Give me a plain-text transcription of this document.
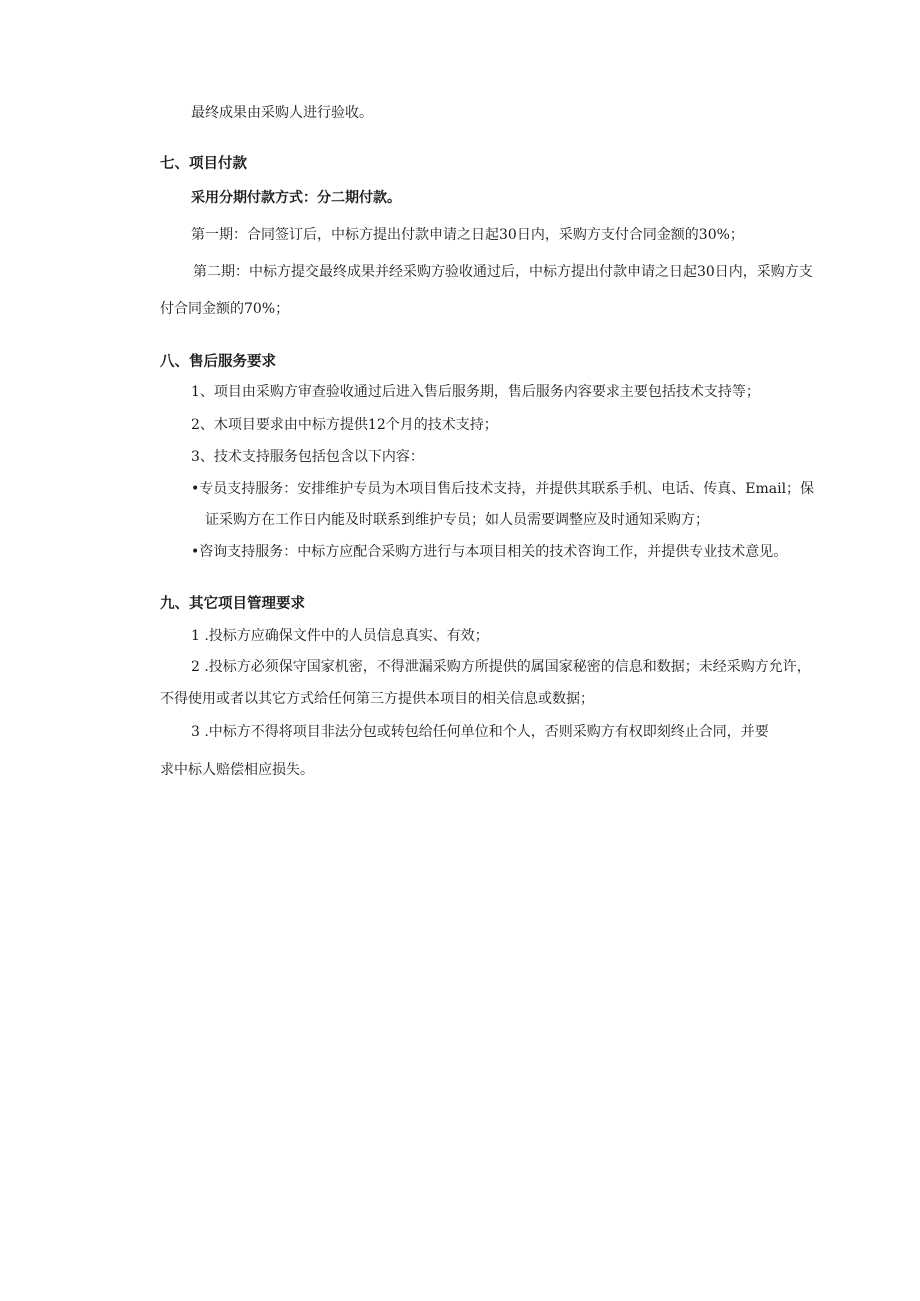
最终成果由采购人进行验收。

七、项目付款

采用分期付款方式：分二期付款。

第一期：合同签订后，中标方提出付款申请之日起30日内，采购方支付合同金额的30%；

第二期：中标方提交最终成果并经采购方验收通过后，中标方提出付款申请之日起30日内，采购方支

付合同金额的70%；

八、售后服务要求

1、项目由采购方审查验收通过后进入售后服务期，售后服务内容要求主要包括技术支持等；

2、木项目要求由中标方提供12个月的技术支持；

3、技术支持服务包括包含以下内容：

•专员支持服务：安排维护专员为木项目售后技术支持，并提供其联系手机、电话、传真、Email；保

证采购方在工作日内能及时联系到维护专员；如人员需要调整应及时通知采购方；

•咨询支持服务：中标方应配合采购方进行与本项目相关的技术咨询工作，并提供专业技术意见。

九、其它项目管理要求

1 .投标方应确保文件中的人员信息真实、有效；

2 .投标方必须保守国家机密，不得泄漏采购方所提供的属国家秘密的信息和数据；未经采购方允许，

不得使用或者以其它方式给任何第三方提供本项目的相关信息或数据；

3 .中标方不得将项目非法分包或转包给任何单位和个人，否则采购方有权即刻终止合同，并要

求中标人赔偿相应损失。
